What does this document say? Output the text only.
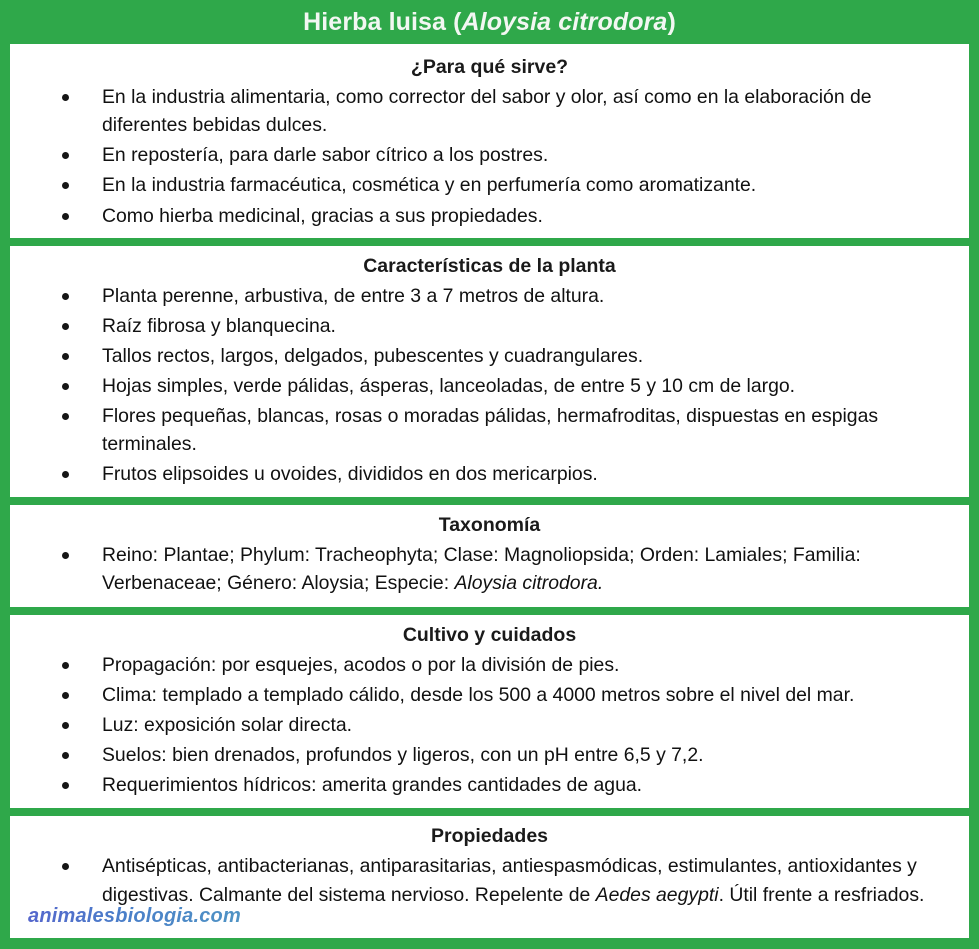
Hierba luisa (Aloysia citrodora)
¿Para qué sirve?
En la industria alimentaria, como corrector del sabor y olor, así como en la elaboración de diferentes bebidas dulces.
En repostería, para darle sabor cítrico a los postres.
En la industria farmacéutica, cosmética y en perfumería como aromatizante.
Como hierba medicinal, gracias a sus propiedades.
Características de la planta
Planta perenne, arbustiva, de entre 3 a 7 metros de altura.
Raíz fibrosa y blanquecina.
Tallos rectos, largos, delgados, pubescentes y cuadrangulares.
Hojas simples, verde pálidas, ásperas, lanceoladas, de entre 5 y 10 cm de largo.
Flores pequeñas, blancas, rosas o moradas pálidas, hermafroditas, dispuestas en espigas terminales.
Frutos elipsoides u ovoides, divididos en dos mericarpios.
Taxonomía
Reino: Plantae; Phylum: Tracheophyta; Clase: Magnoliopsida; Orden: Lamiales; Familia: Verbenaceae; Género: Aloysia; Especie: Aloysia citrodora.
Cultivo y cuidados
Propagación: por esquejes, acodos o por la división de pies.
Clima: templado a templado cálido, desde los 500 a 4000 metros sobre el nivel del mar.
Luz: exposición solar directa.
Suelos: bien drenados, profundos y ligeros, con un pH entre 6,5 y 7,2.
Requerimientos hídricos: amerita grandes cantidades de agua.
Propiedades
Antisépticas, antibacterianas, antiparasitarias, antiespasmódicas, estimulantes, antioxidantes y digestivas. Calmante del sistema nervioso. Repelente de Aedes aegypti. Útil frente a resfriados.
animalesbiologia.com
